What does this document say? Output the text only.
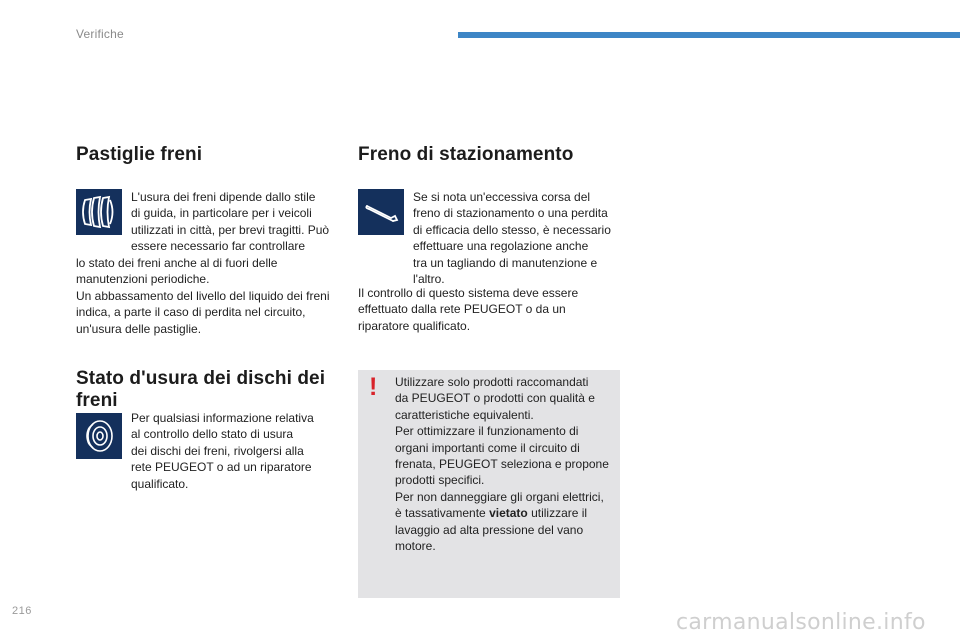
Verifiche
Pastiglie freni

L'usura dei freni dipende dallo stile

di guida, in particolare per i veicoli

utilizzati in città, per brevi tragitti. Può

essere necessario far controllare

lo stato dei freni anche al di fuori delle

manutenzioni periodiche.

Un abbassamento del livello del liquido dei freni

indica, a parte il caso di perdita nel circuito,

un'usura delle pastiglie.

Stato d'usura dei dischi dei
freni

Per qualsiasi informazione relativa

al controllo dello stato di usura

dei dischi dei freni, rivolgersi alla

rete PEUGEOT o ad un riparatore

qualificato.

Freno di stazionamento

Se si nota un'eccessiva corsa del

freno di stazionamento o una perdita

di efficacia dello stesso, è necessario

effettuare una regolazione anche

tra un tagliando di manutenzione e

l'altro.

Il controllo di questo sistema deve essere

effettuato dalla rete PEUGEOT o da un

riparatore qualificato.

! Utilizzare solo prodotti raccomandati

da PEUGEOT o prodotti con qualità e

caratteristiche equivalenti.

Per ottimizzare il funzionamento di

organi importanti come il circuito di

frenata, PEUGEOT seleziona e propone

prodotti specifici.

Per non danneggiare gli organi elettrici,

è tassativamente vietato utilizzare il

lavaggio ad alta pressione del vano

motore.

216	carmanualsonline.info
